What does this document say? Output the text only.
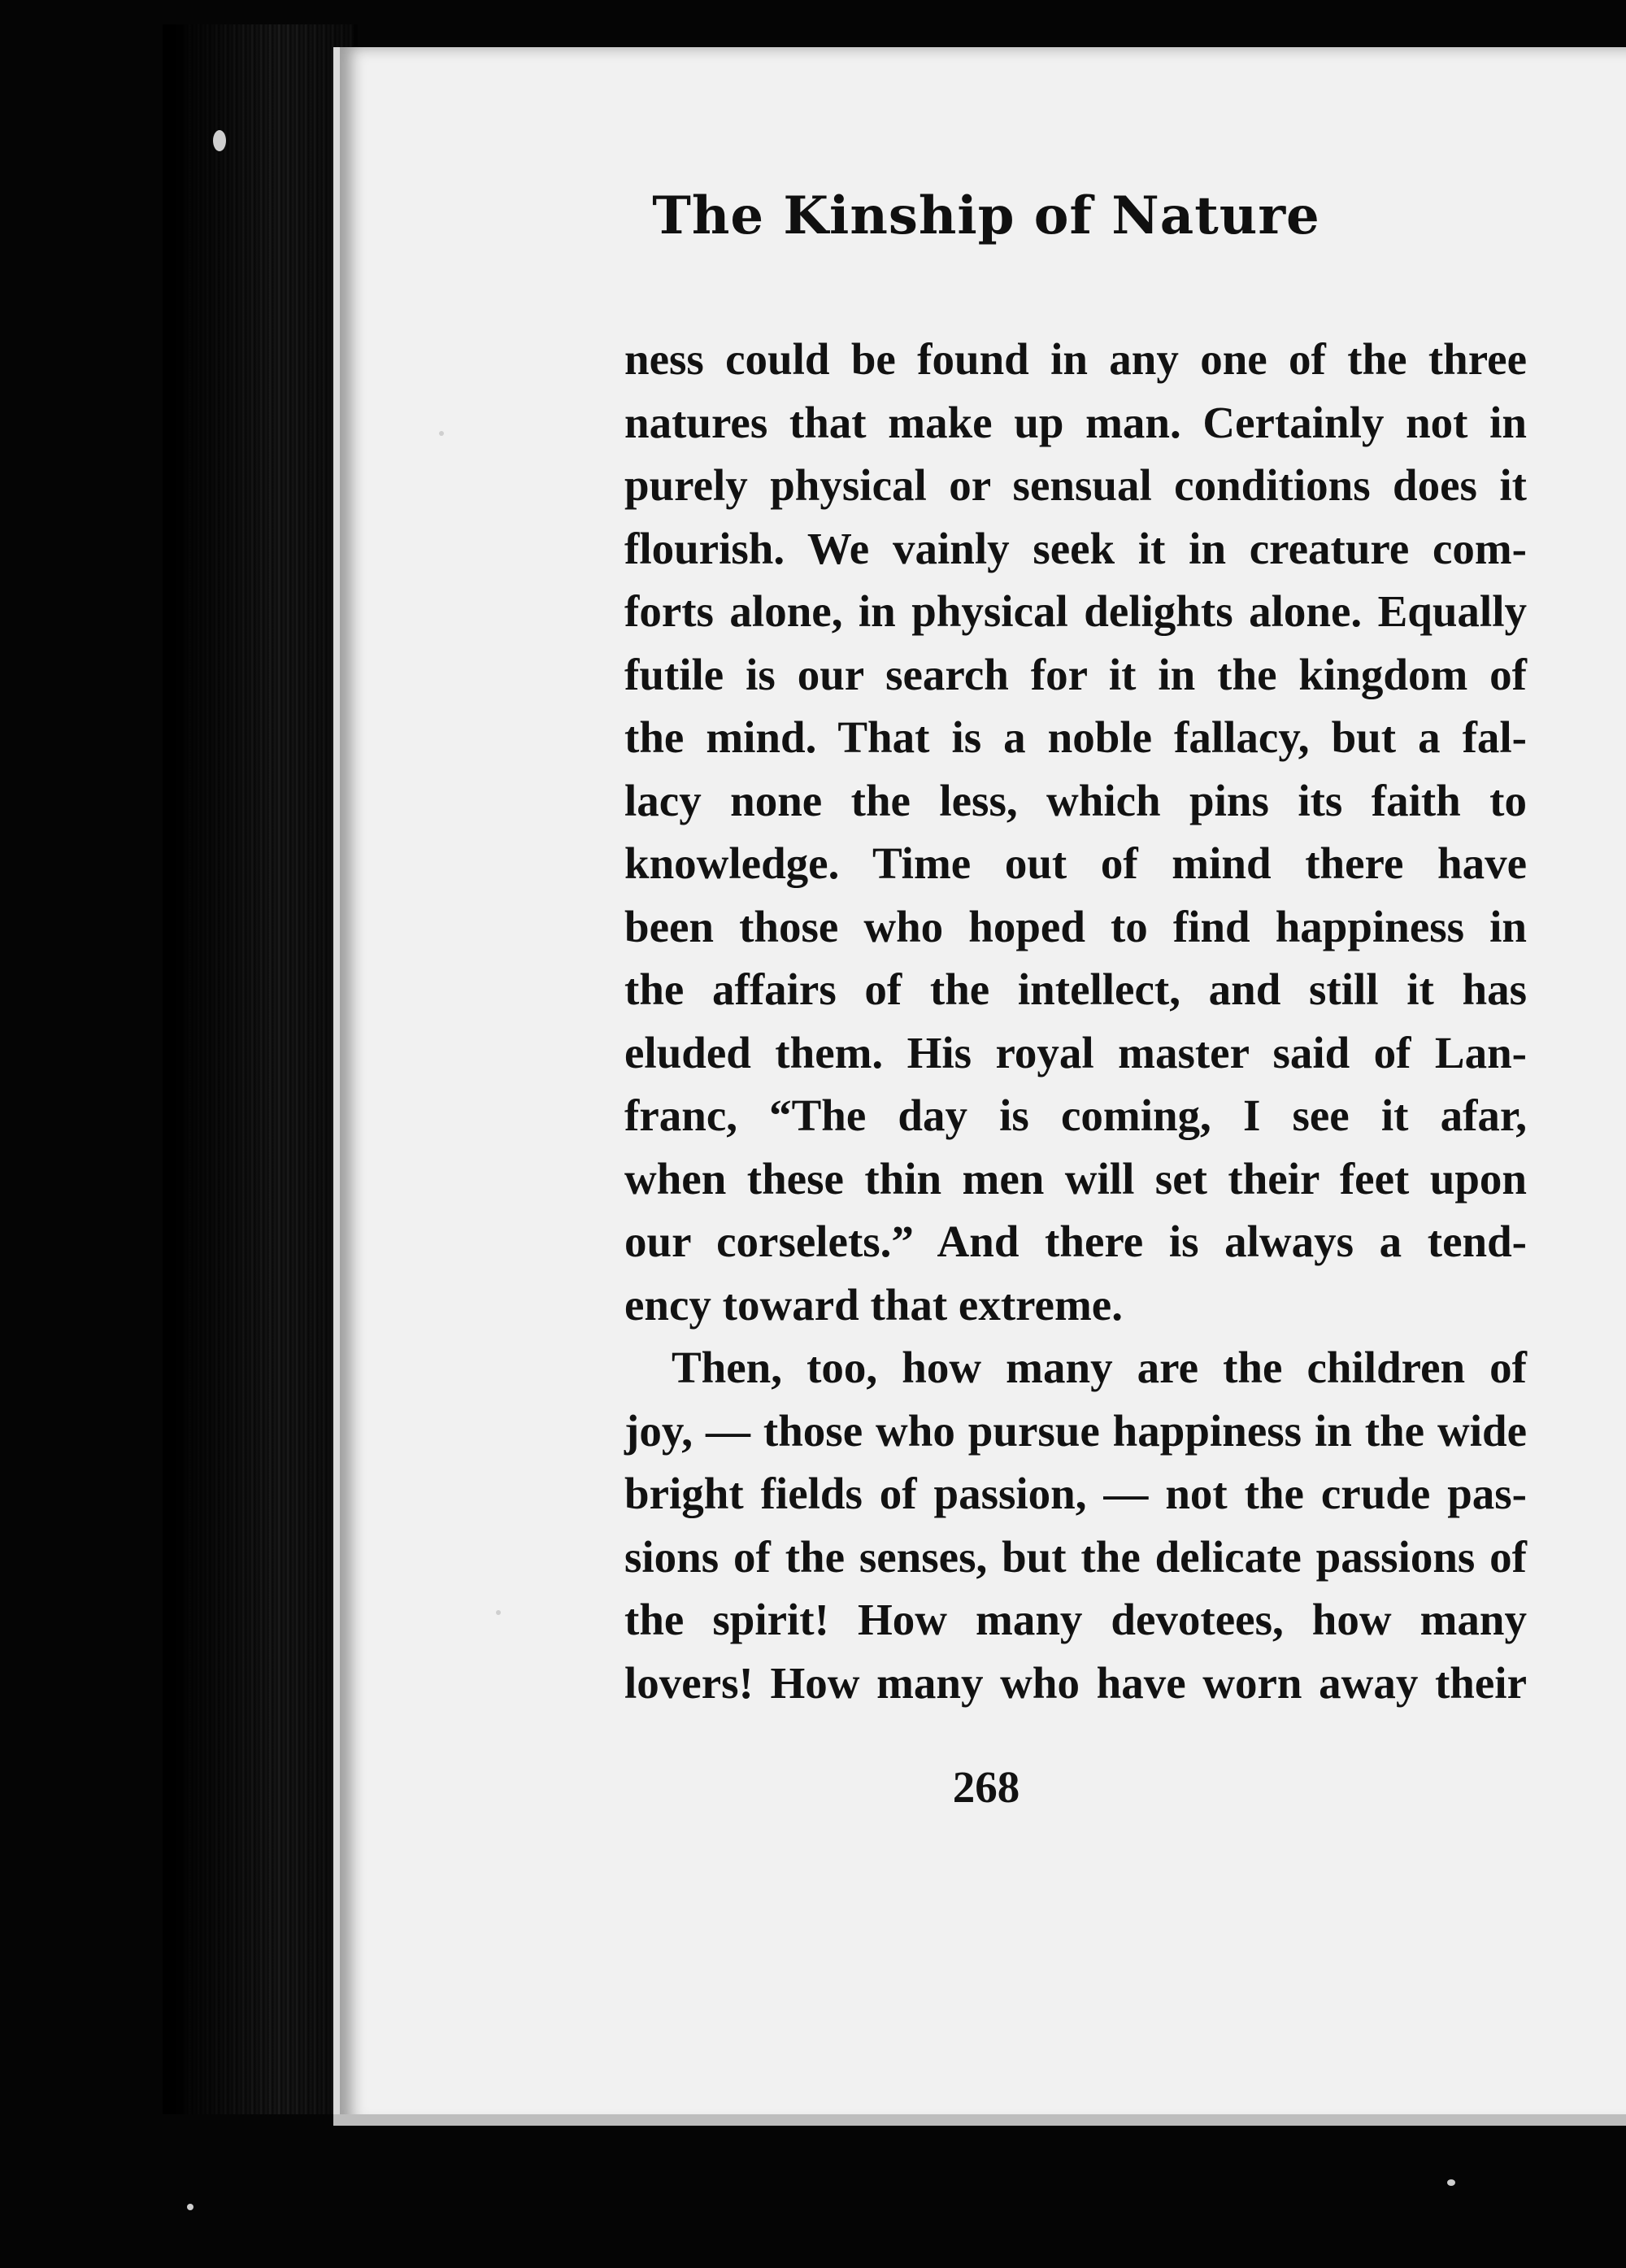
The Kinship of Nature
ness could be found in any one of the three
natures that make up man. Certainly not in
purely physical or sensual conditions does it
flourish. We vainly seek it in creature com-
forts alone, in physical delights alone. Equally
futile is our search for it in the kingdom of
the mind. That is a noble fallacy, but a fal-
lacy none the less, which pins its faith to
knowledge. Time out of mind there have
been those who hoped to find happiness in
the affairs of the intellect, and still it has
eluded them. His royal master said of Lan-
franc, “The day is coming, I see it afar,
when these thin men will set their feet upon
our corselets.” And there is always a tend-
ency toward that extreme.
Then, too, how many are the children of
joy, — those who pursue happiness in the wide
bright fields of passion, — not the crude pas-
sions of the senses, but the delicate passions of
the spirit! How many devotees, how many
lovers! How many who have worn away their
268
